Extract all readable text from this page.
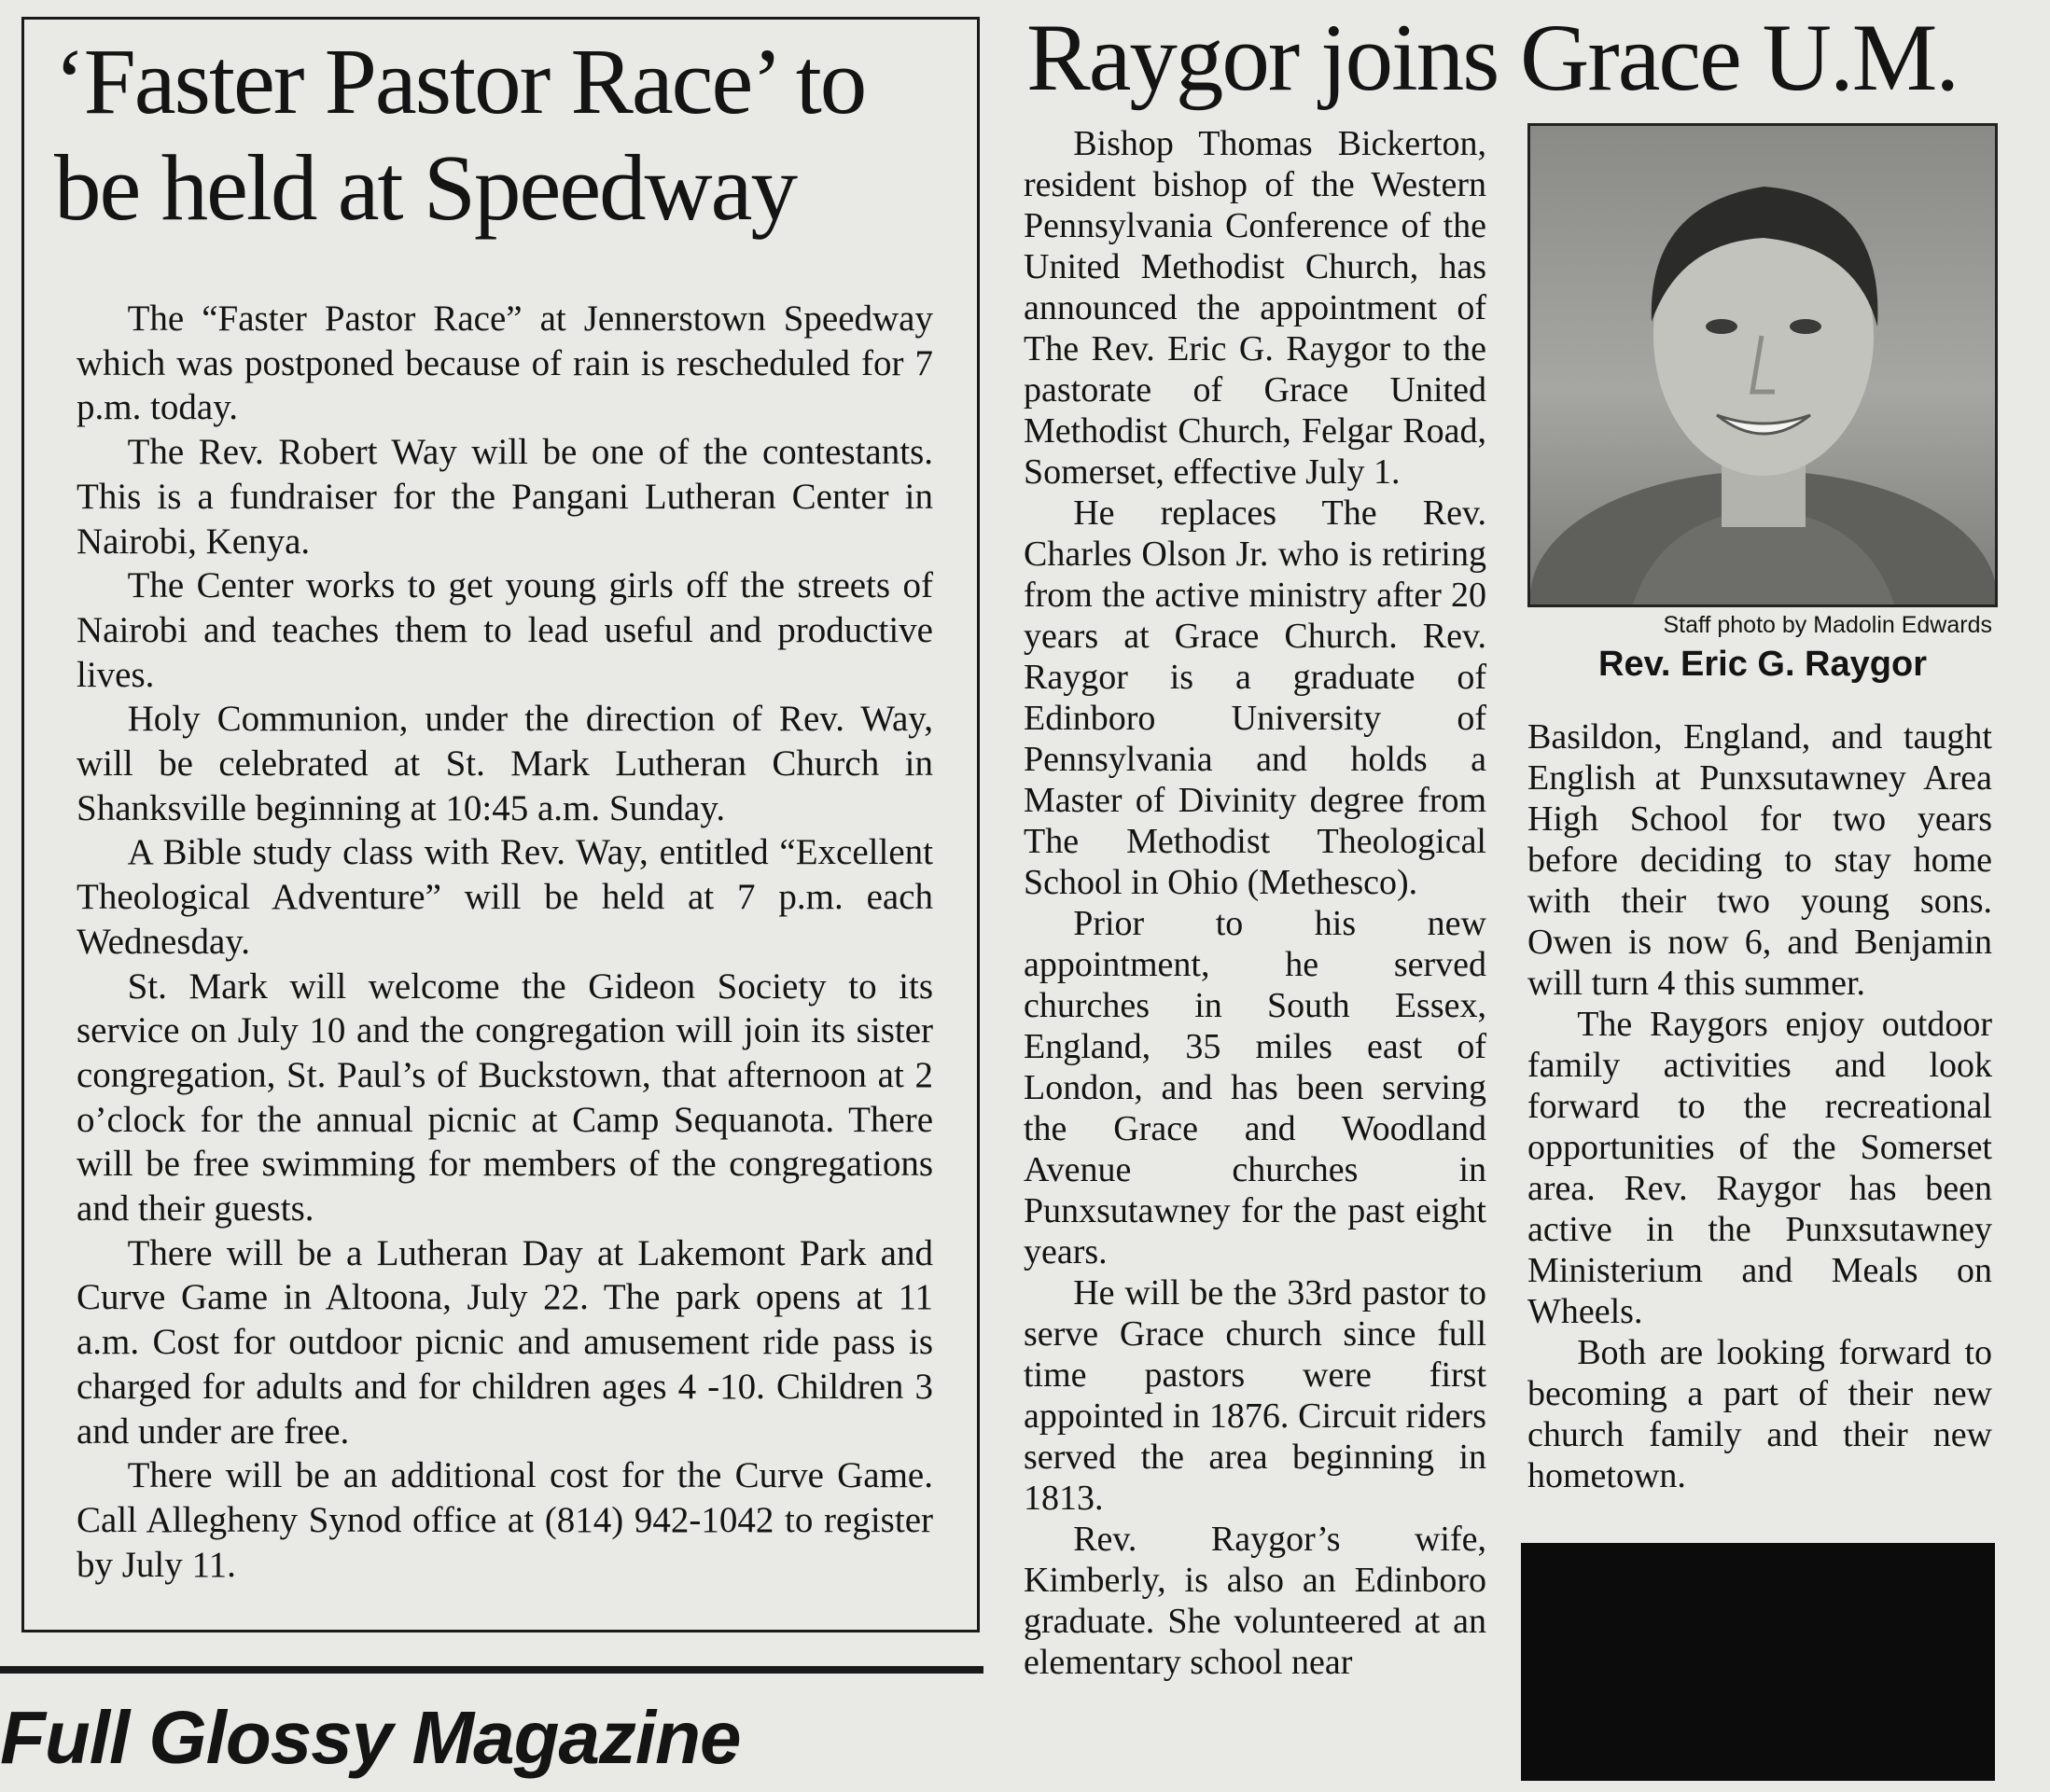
‘Faster Pastor Race’ to
be held at Speedway

The “Faster Pastor Race” at Jennerstown Speedway which was postponed because of rain is rescheduled for 7 p.m. today.

The Rev. Robert Way will be one of the contestants. This is a fundraiser for the Pangani Lutheran Center in Nairobi, Kenya.

The Center works to get young girls off the streets of Nairobi and teaches them to lead useful and productive lives.

Holy Communion, under the direction of Rev. Way, will be celebrated at St. Mark Lutheran Church in Shanksville beginning at 10:45 a.m. Sunday.

A Bible study class with Rev. Way, entitled “Excellent Theological Adventure” will be held at 7 p.m. each Wednesday.

St. Mark will welcome the Gideon Society to its service on July 10 and the congregation will join its sister congregation, St. Paul’s of Buckstown, that afternoon at 2 o’clock for the annual picnic at Camp Sequanota. There will be free swimming for members of the congregations and their guests.

There will be a Lutheran Day at Lakemont Park and Curve Game in Altoona, July 22. The park opens at 11 a.m. Cost for outdoor picnic and amusement ride pass is charged for adults and for children ages 4 -10. Children 3 and under are free.

There will be an additional cost for the Curve Game. Call Allegheny Synod office at (814) 942-1042 to register by July 11.

Full Glossy Magazine

Raygor joins Grace U.M.

Bishop Thomas Bickerton, resident bishop of the Western Pennsylvania Conference of the United Methodist Church, has announced the appointment of The Rev. Eric G. Raygor to the pastorate of Grace United Methodist Church, Felgar Road, Somerset, effective July 1.

He replaces The Rev. Charles Olson Jr. who is retiring from the active ministry after 20 years at Grace Church. Rev. Raygor is a graduate of Edinboro University of Pennsylvania and holds a Master of Divinity degree from The Methodist Theological School in Ohio (Methesco).

Prior to his new appointment, he served churches in South Essex, England, 35 miles east of London, and has been serving the Grace and Woodland Avenue churches in Punxsutawney for the past eight years.

He will be the 33rd pastor to serve Grace church since full time pastors were first appointed in 1876. Circuit riders served the area beginning in 1813.

Rev. Raygor’s wife, Kimberly, is also an Edinboro graduate. She volunteered at an elementary school near

Staff photo by Madolin Edwards

Rev. Eric G. Raygor

Basildon, England, and taught English at Punxsutawney Area High School for two years before deciding to stay home with their two young sons. Owen is now 6, and Benjamin will turn 4 this summer.

The Raygors enjoy outdoor family activities and look forward to the recreational opportunities of the Somerset area. Rev. Raygor has been active in the Punxsutawney Ministerium and Meals on Wheels.

Both are looking forward to becoming a part of their new church family and their new hometown.
